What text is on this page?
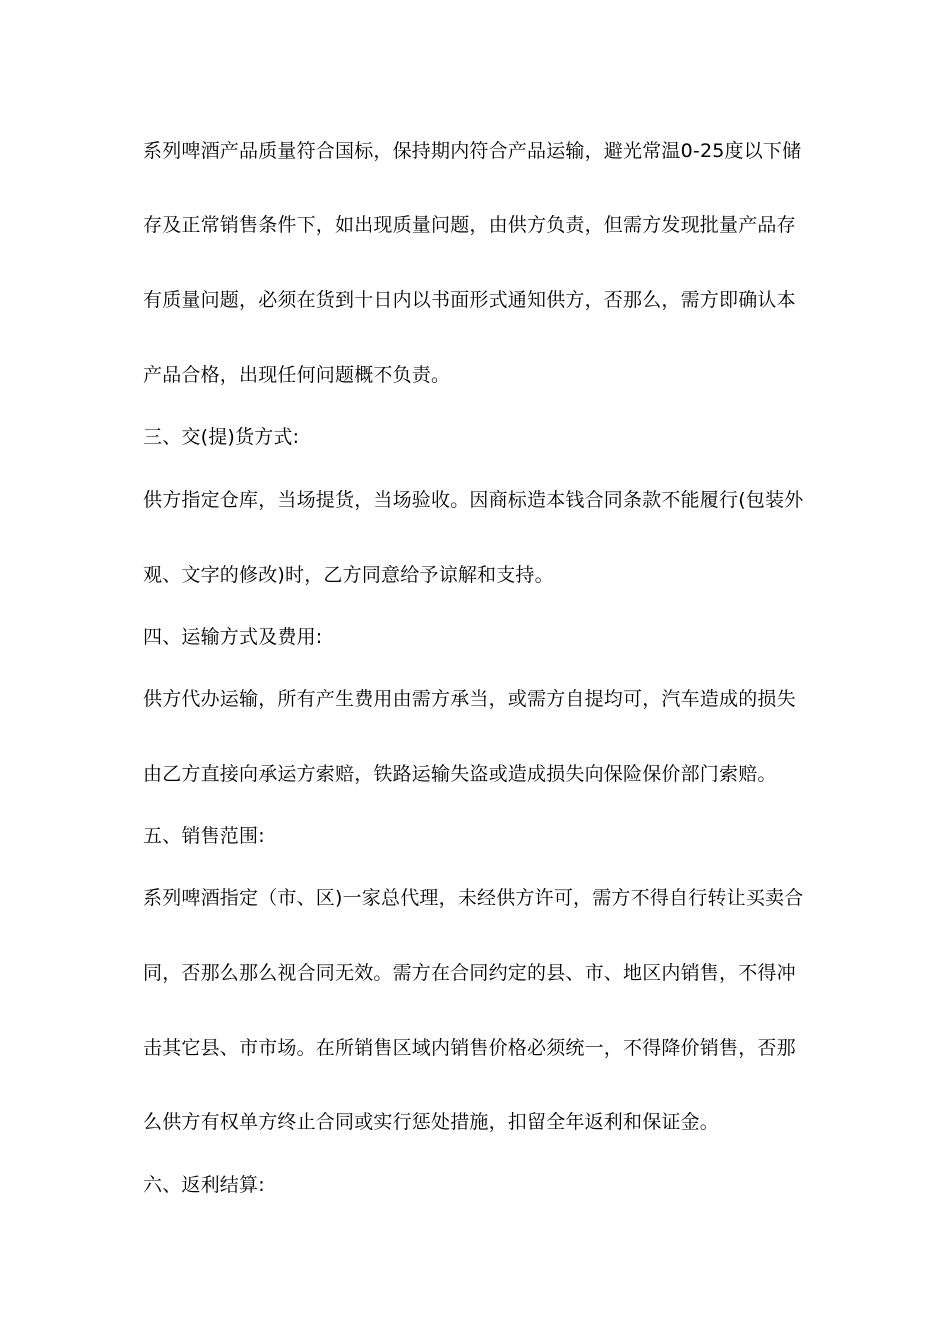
系列啤酒产品质量符合国标，保持期内符合产品运输，避光常温0-25度以下储
存及正常销售条件下，如出现质量问题，由供方负责，但需方发现批量产品存
有质量问题，必须在货到十日内以书面形式通知供方，否那么，需方即确认本
产品合格，出现任何问题概不负责。
三、交(提)货方式:
供方指定仓库，当场提货，当场验收。因商标造本钱合同条款不能履行(包装外
观、文字的修改)时，乙方同意给予谅解和支持。
四、运输方式及费用:
供方代办运输，所有产生费用由需方承当，或需方自提均可，汽车造成的损失
由乙方直接向承运方索赔，铁路运输失盗或造成损失向保险保价部门索赔。
五、销售范围:
系列啤酒指定（市、区)一家总代理，未经供方许可，需方不得自行转让买卖合
同，否那么那么视合同无效。需方在合同约定的县、市、地区内销售，不得冲
击其它县、市市场。在所销售区域内销售价格必须统一，不得降价销售，否那
么供方有权单方终止合同或实行惩处措施，扣留全年返利和保证金。
六、返利结算:
